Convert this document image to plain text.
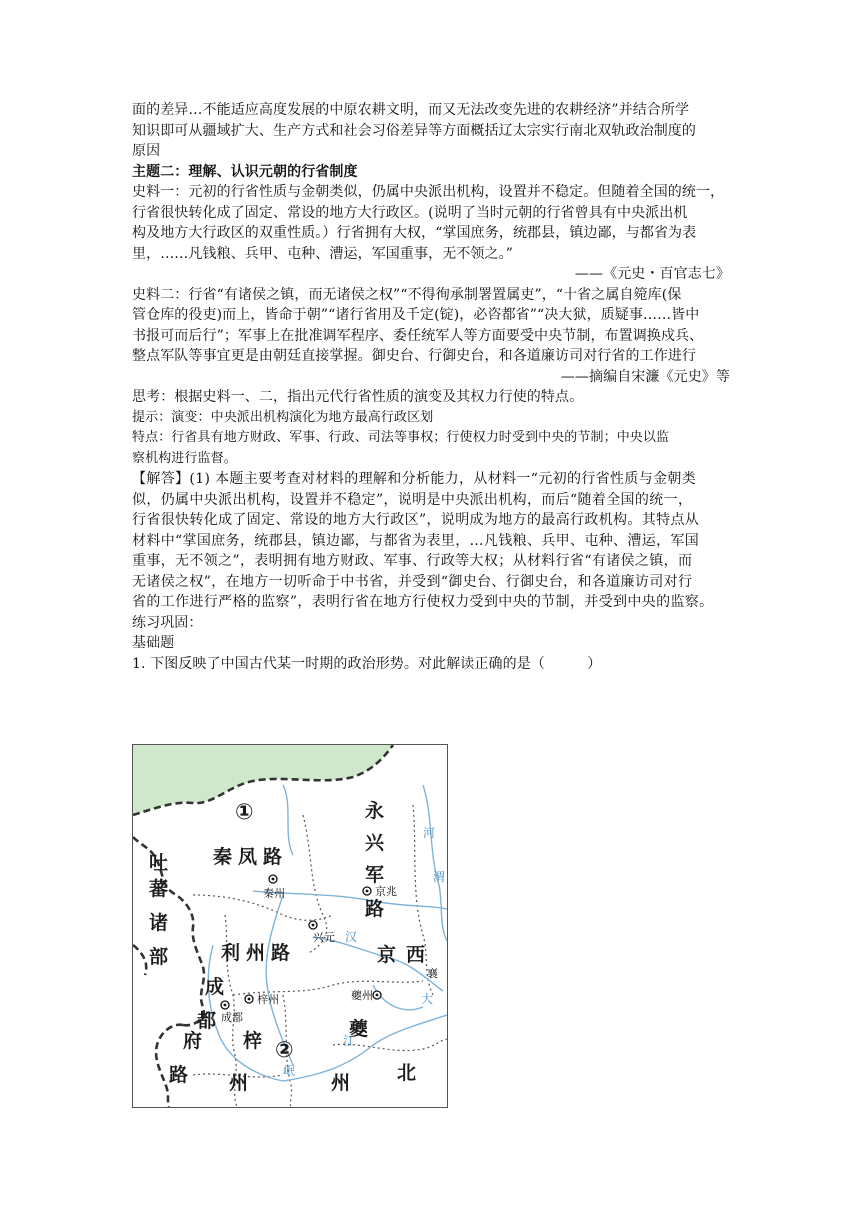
面的差异…不能适应高度发展的中原农耕文明，而又无法改变先进的农耕经济”并结合所学
知识即可从疆域扩大、生产方式和社会习俗差异等方面概括辽太宗实行南北双轨政治制度的
原因
主题二：理解、认识元朝的行省制度
史料一：元初的行省性质与金朝类似，仍属中央派出机构，设置并不稳定。但随着全国的统一，
行省很快转化成了固定、常设的地方大行政区。(说明了当时元朝的行省曾具有中央派出机
构及地方大行政区的双重性质。）行省拥有大权，“掌国庶务，统郡县，镇边鄙，与都省为表
里，……凡钱粮、兵甲、屯种、漕运，军国重事，无不领之。”
——《元史・百官志七》
史料二：行省“有诸侯之镇，而无诸侯之权”“不得徇承制署置属吏”，“十省之属自箢库(保
管仓库的役吏)而上，皆命于朝”“诸行省用及千定(锭)，必咨都省”“决大狱，质疑事……皆中
书报可而后行”；军事上在批准调军程序、委任统军人等方面要受中央节制，布置调换戍兵、
整点军队等事宜更是由朝廷直接掌握。御史台、行御史台，和各道廉访司对行省的工作进行
——摘编自宋濂《元史》等
思考：根据史料一、二，指出元代行省性质的演变及其权力行使的特点。
提示：演变：中央派出机构演化为地方最高行政区划
特点：行省具有地方财政、军事、行政、司法等事权；行使权力时受到中央的节制；中央以监
察机构进行监督。
【解答】(1) 本题主要考查对材料的理解和分析能力，从材料一“元初的行省性质与金朝类
似，仍属中央派出机构，设置并不稳定”，说明是中央派出机构，而后“随着全国的统一，
行省很快转化成了固定、常设的地方大行政区”，说明成为地方的最高行政机构。其特点从
材料中“掌国庶务，统郡县，镇边鄙，与都省为表里，…凡钱粮、兵甲、屯种、漕运，军国
重事，无不领之”，表明拥有地方财政、军事、行政等大权；从材料行省“有诸侯之镇，而
无诸侯之权”，在地方一切听命于中书省，并受到“御史台、行御史台，和各道廉访司对行
省的工作进行严格的监察”，表明行省在地方行使权力受到中央的节制，并受到中央的监察。
练习巩固：
基础题
1. 下图反映了中国古代某一时期的政治形势。对此解读正确的是（　　　）
①
②
吐
蕃
诸
部
永
兴
军
路
秦凤路
利州路	京西
成
都
府
路
梓
州
夔
州 北
秦州	京兆
兴元
梓州
成都
夔州
襄
河
汉
大
江
岷
渭
